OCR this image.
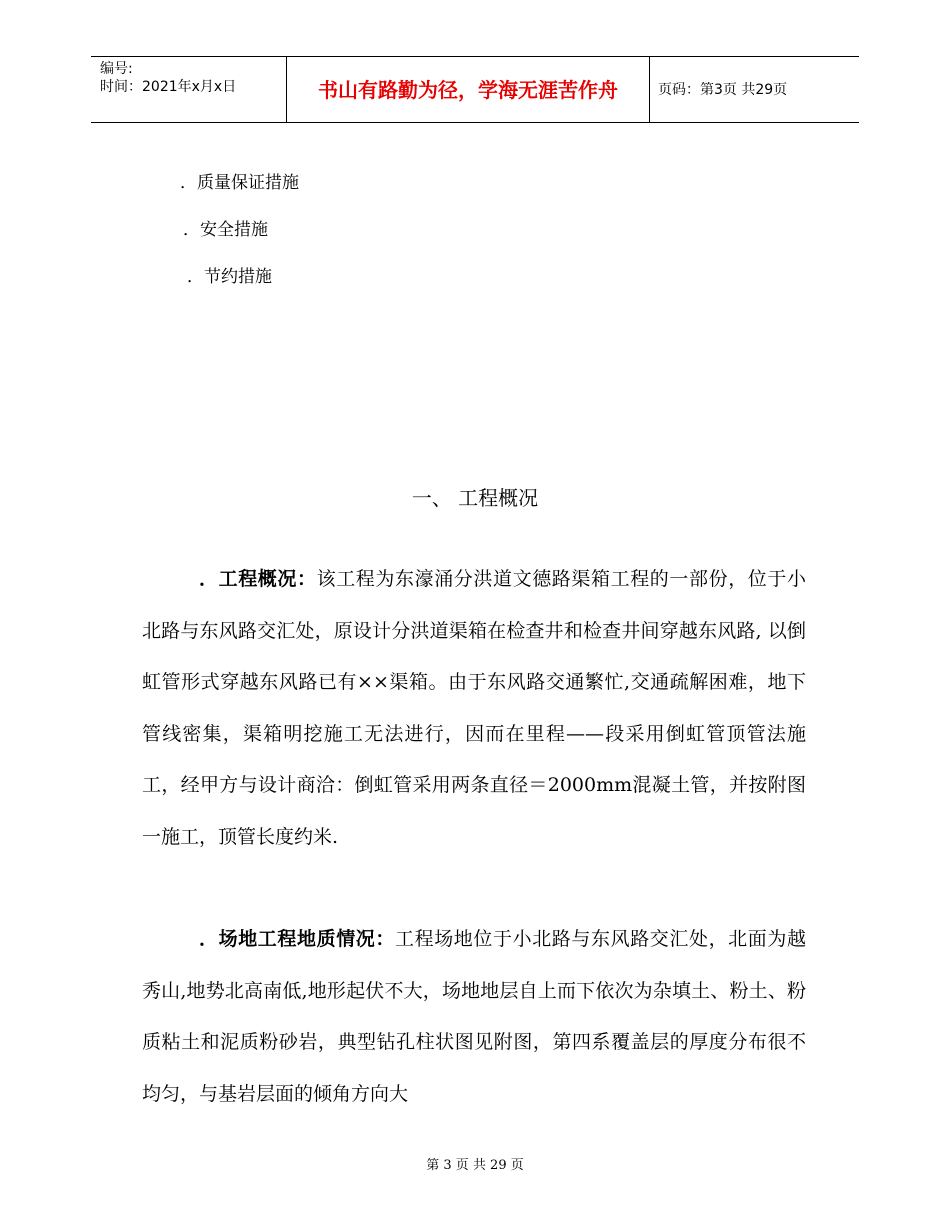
编号:
时间：2021年x月x日	书山有路勤为径，学海无涯苦作舟	页码：第3页 共29页
．质量保证措施
．安全措施
．节约措施
一、 工程概况
．工程概况：该工程为东濠涌分洪道文德路渠箱工程的一部份，位于小北路与东风路交汇处，原设计分洪道渠箱在检查井和检查井间穿越东风路, 以倒虹管形式穿越东风路已有××渠箱。由于东风路交通繁忙,交通疏解困难，地下管线密集，渠箱明挖施工无法进行，因而在里程——段采用倒虹管顶管法施工，经甲方与设计商洽：倒虹管采用两条直径＝2000mm混凝土管，并按附图一施工，顶管长度约米.
．场地工程地质情况：工程场地位于小北路与东风路交汇处，北面为越秀山,地势北高南低,地形起伏不大，场地地层自上而下依次为杂填土、粉土、粉质粘土和泥质粉砂岩，典型钻孔柱状图见附图，第四系覆盖层的厚度分布很不均匀，与基岩层面的倾角方向大
第 3 页 共 29 页
